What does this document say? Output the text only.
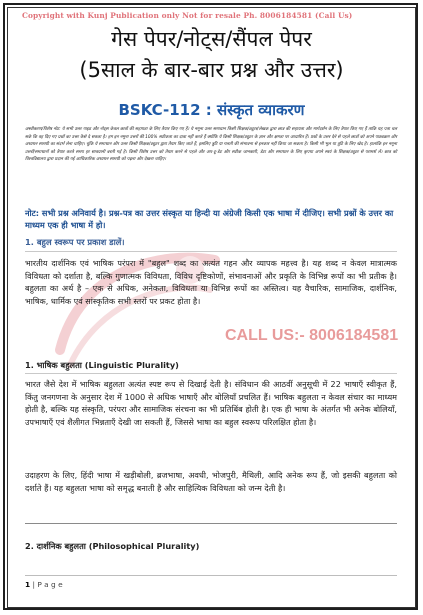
Copyright with Kunj Publication only Not for resale Ph. 8006184581 (Call Us)
गेस पेपर/नोट्स/सैंपल पेपर
(5साल के बार-बार प्रश्न और उत्तर)
BSKC-112 : संस्कृत व्याकरण
अस्वीकरण/विशेष नोट: ये सभी उत्तर गाइड और नोट्स केवल छात्रों की सहायता के लिए तैयार किए गए हैं। ये नमूना उत्तर समाधान किसी शिक्षक/ट्यूटर/लेखक द्वारा छात्र की सहायता और मार्गदर्शन के लिए तैयार किए गए हैं ताकि यह पता चल सके कि वह दिए गए प्रश्नों का उत्तर कैसे दे सकता है। हम इन नमूना उत्तरों की 100% सटीकता का दावा नहीं करते हैं क्योंकि ये किसी शिक्षक/ट्यूटर के ज्ञान और क्षमता पर आधारित हैं। प्रश्नों के उत्तर देने से पहले छात्रों को अपने पाठ्यक्रम और अध्ययन सामग्री का संदर्भ लेना चाहिए। चूंकि ये समाधान और उत्तर किसी शिक्षक/ट्यूटर द्वारा तैयार किए जाते हैं, इसलिए त्रुटि या गलती की संभावना से इनकार नहीं किया जा सकता है। किसी भी भूल या त्रुटि के लिए खेद है। हालांकि इन नमूना उत्तरों/समाधानों को तैयार करते समय हर सावधानी बरती गई है। किसी विशेष उत्तर को तैयार करने से पहले और अप-टू-डेट और सटीक जानकारी, डेटा और समाधान के लिए कृपया अपने स्वयं के शिक्षक/ट्यूटर से परामर्श लें। छात्र को विश्वविद्यालय द्वारा प्रदान की गई आधिकारिक अध्ययन सामग्री को पढ़ना और देखना चाहिए।
नोट: सभी प्रश्न अनिवार्य है। प्रश्न-पत्र का उत्तर संस्कृत या हिन्दी या अंग्रेजी किसी एक भाषा में दीजिए। सभी प्रश्नों के उत्तर का माध्यम एक ही भाषा में हो।
1. बहुल स्वरूप पर प्रकाश डालें।
भारतीय दार्शनिक एवं भाषिक परंपरा में "बहुल" शब्द का अत्यंत गहन और व्यापक महत्त्व है। यह शब्द न केवल मात्रात्मक विविधता को दर्शाता है, बल्कि गुणात्मक विविधता, विविध दृष्टिकोणों, संभावनाओं और प्रकृति के विभिन्न रूपों का भी प्रतीक है। बहुलता का अर्थ है – एक से अधिक, अनेकता, विविधता या विभिन्न रूपों का अस्तित्व। यह वैचारिक, सामाजिक, दार्शनिक, भाषिक, धार्मिक एवं सांस्कृतिक सभी स्तरों पर प्रकट होता है।
CALL US:- 8006184581
1. भाषिक बहुलता (Linguistic Plurality)
भारत जैसे देश में भाषिक बहुलता अत्यंत स्पष्ट रूप से दिखाई देती है। संविधान की आठवीं अनुसूची में 22 भाषाएँ स्वीकृत हैं, किंतु जनगणना के अनुसार देश में 1000 से अधिक भाषाएँ और बोलियाँ प्रचलित हैं। भाषिक बहुलता न केवल संचार का माध्यम होती है, बल्कि यह संस्कृति, परंपरा और सामाजिक संरचना का भी प्रतिबिंब होती है। एक ही भाषा के अंतर्गत भी अनेक बोलियाँ, उपभाषाएँ एवं शैलीगत भिन्नताएँ देखी जा सकती हैं, जिससे भाषा का बहुल स्वरूप परिलक्षित होता है।
उदाहरण के लिए, हिंदी भाषा में खड़ीबोली, ब्रजभाषा, अवधी, भोजपुरी, मैथिली, आदि अनेक रूप हैं, जो इसकी बहुलता को दर्शाते हैं। यह बहुलता भाषा को समृद्ध बनाती है और साहित्यिक विविधता को जन्म देती है।
2. दार्शनिक बहुलता (Philosophical Plurality)
1 | P a g e
